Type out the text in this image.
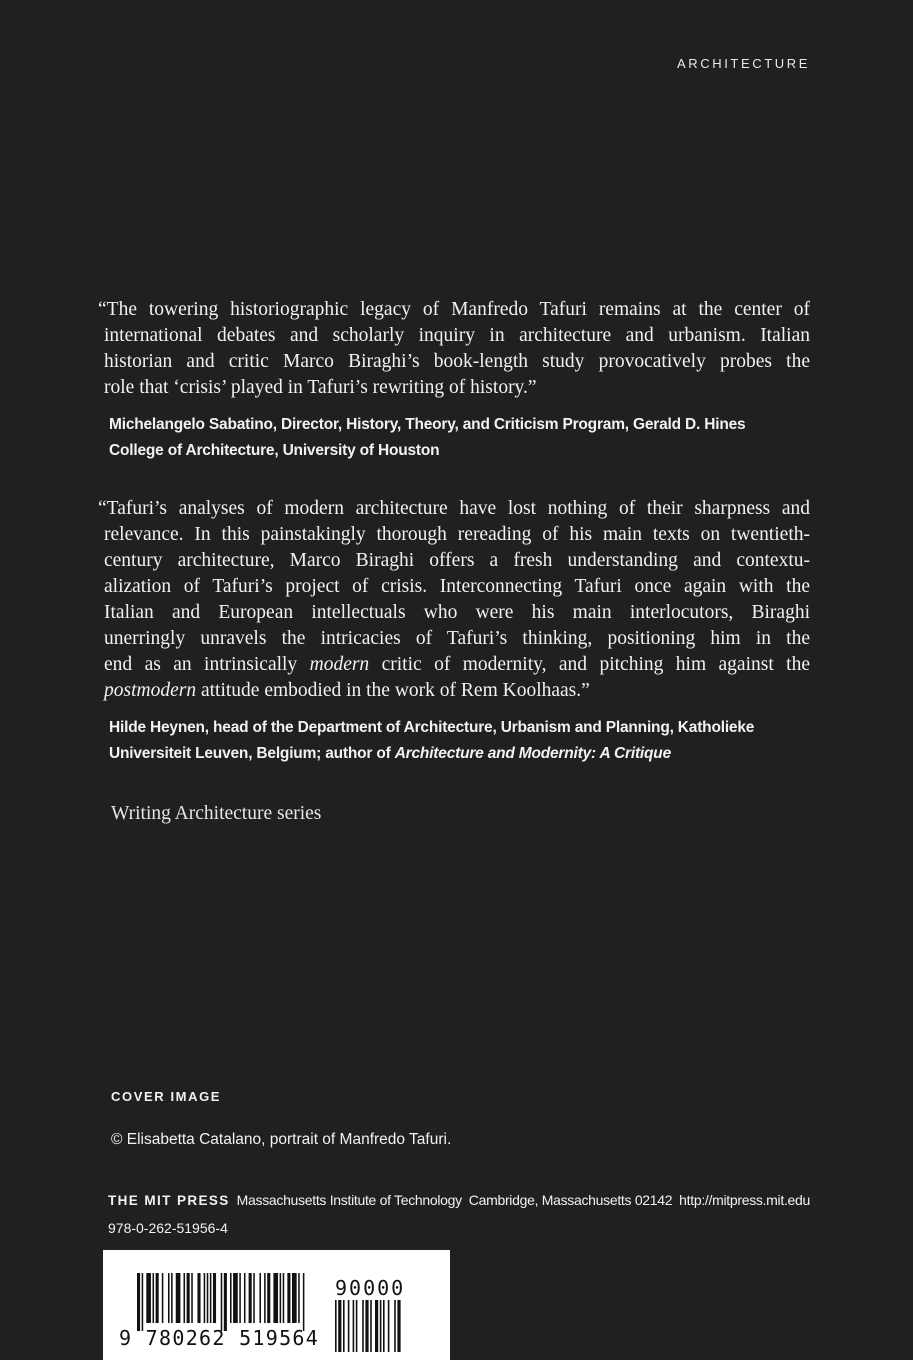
ARCHITECTURE
“The towering historiographic legacy of Manfredo Tafuri remains at the center of
international debates and scholarly inquiry in architecture and urbanism. Italian
historian and critic Marco Biraghi’s book-length study provocatively probes the
role that ‘crisis’ played in Tafuri’s rewriting of history.”
Michelangelo Sabatino, Director, History, Theory, and Criticism Program, Gerald D. Hines
College of Architecture, University of Houston
“Tafuri’s analyses of modern architecture have lost nothing of their sharpness and
relevance. In this painstakingly thorough rereading of his main texts on twentieth-
century architecture, Marco Biraghi offers a fresh understanding and contextu-
alization of Tafuri’s project of crisis. Interconnecting Tafuri once again with the
Italian and European intellectuals who were his main interlocutors, Biraghi
unerringly unravels the intricacies of Tafuri’s thinking, positioning him in the
end as an intrinsically modern critic of modernity, and pitching him against the
postmodern attitude embodied in the work of Rem Koolhaas.”
Hilde Heynen, head of the Department of Architecture, Urbanism and Planning, Katholieke
Universiteit Leuven, Belgium; author of Architecture and Modernity: A Critique
Writing Architecture series
COVER IMAGE
© Elisabetta Catalano, portrait of Manfredo Tafuri.
THE MIT PRESS Massachusetts Institute of Technology Cambridge, Massachusetts 02142 http://mitpress.mit.edu
978-0-262-51956-4
9 780262 519564
90000
